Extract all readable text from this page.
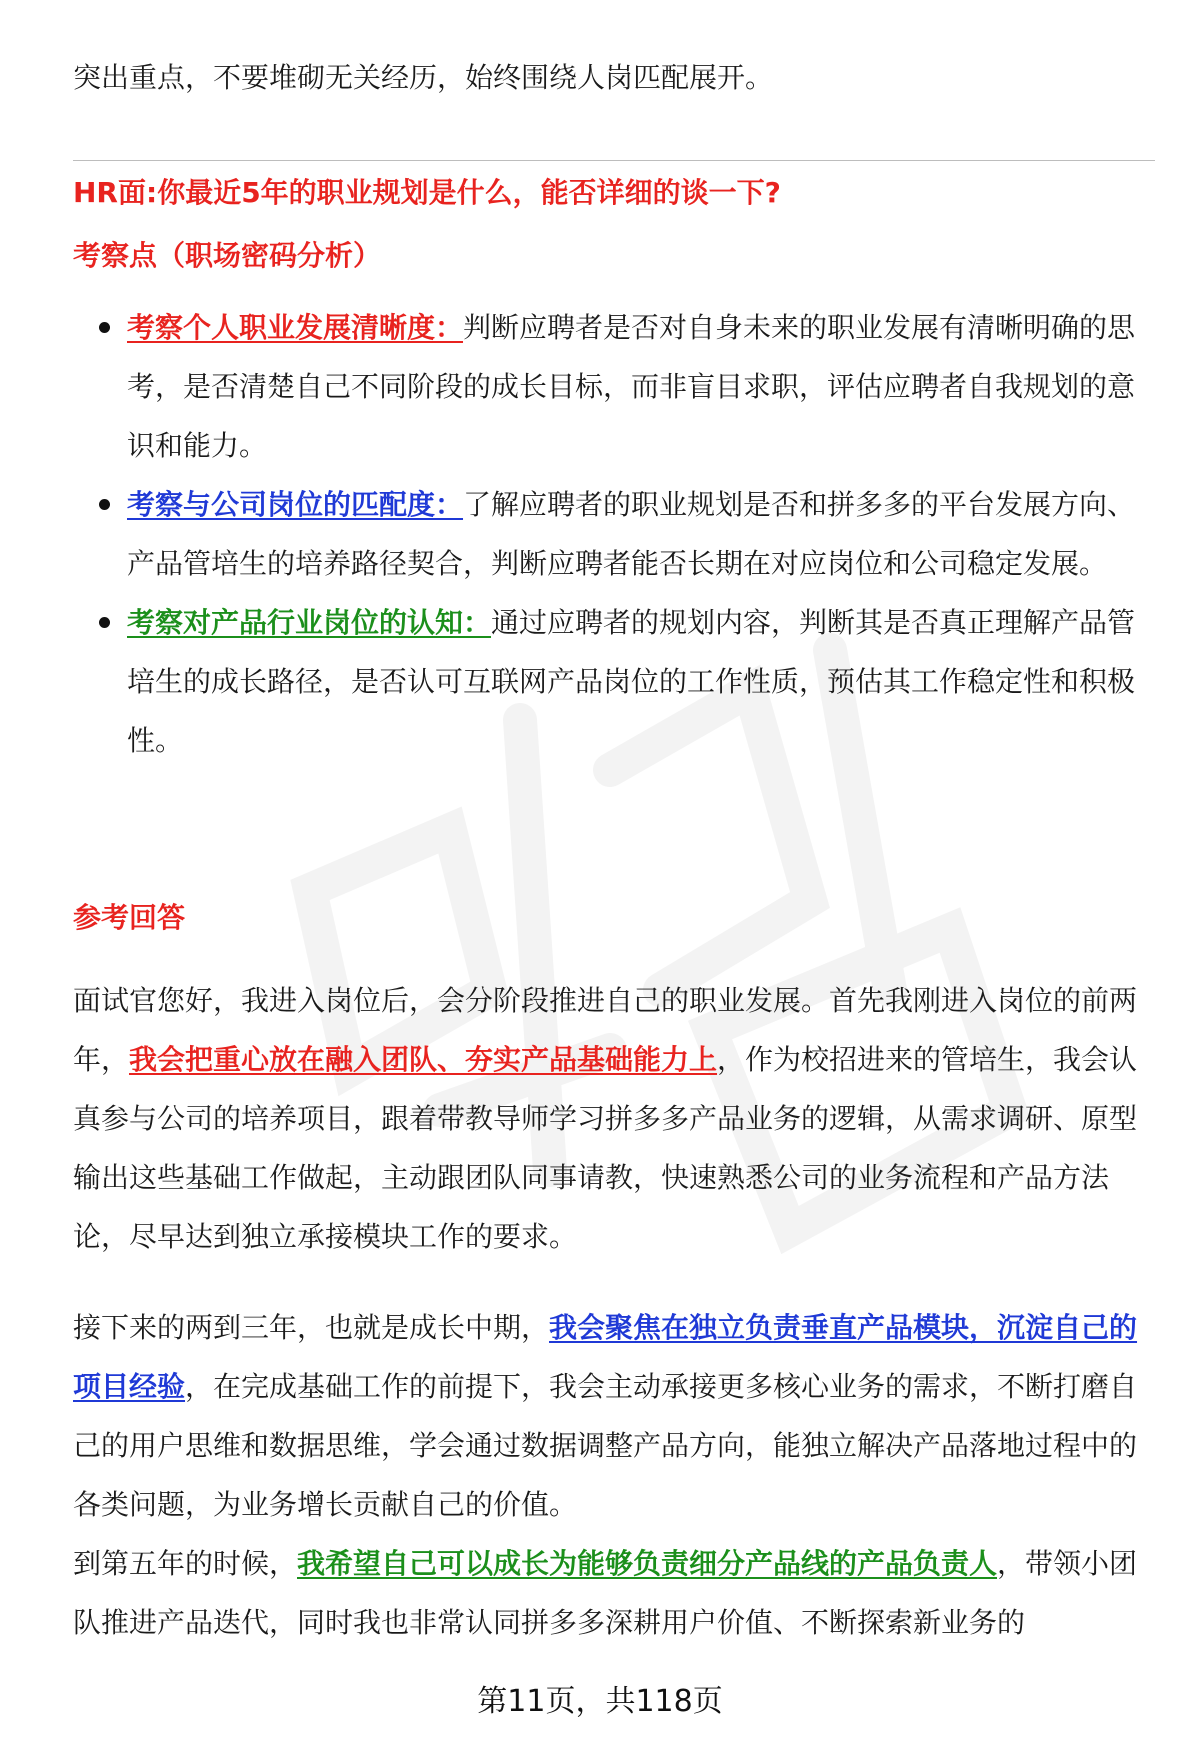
突出重点，不要堆砌无关经历，始终围绕人岗匹配展开。

HR面:你最近5年的职业规划是什么，能否详细的谈一下?

考察点（职场密码分析）

考察个人职业发展清晰度：判断应聘者是否对自身未来的职业发展有清晰明确的思考，是否清楚自己不同阶段的成长目标，而非盲目求职，评估应聘者自我规划的意识和能力。
考察与公司岗位的匹配度：了解应聘者的职业规划是否和拼多多的平台发展方向、产品管培生的培养路径契合，判断应聘者能否长期在对应岗位和公司稳定发展。
考察对产品行业岗位的认知：通过应聘者的规划内容，判断其是否真正理解产品管培生的成长路径，是否认可互联网产品岗位的工作性质，预估其工作稳定性和积极性。

参考回答

面试官您好，我进入岗位后，会分阶段推进自己的职业发展。首先我刚进入岗位的前两年，我会把重心放在融入团队、夯实产品基础能力上，作为校招进来的管培生，我会认真参与公司的培养项目，跟着带教导师学习拼多多产品业务的逻辑，从需求调研、原型输出这些基础工作做起，主动跟团队同事请教，快速熟悉公司的业务流程和产品方法论，尽早达到独立承接模块工作的要求。

接下来的两到三年，也就是成长中期，我会聚焦在独立负责垂直产品模块，沉淀自己的项目经验，在完成基础工作的前提下，我会主动承接更多核心业务的需求，不断打磨自己的用户思维和数据思维，学会通过数据调整产品方向，能独立解决产品落地过程中的各类问题，为业务增长贡献自己的价值。

到第五年的时候，我希望自己可以成长为能够负责细分产品线的产品负责人，带领小团队推进产品迭代，同时我也非常认同拼多多深耕用户价值、不断探索新业务的

第11页，共118页
